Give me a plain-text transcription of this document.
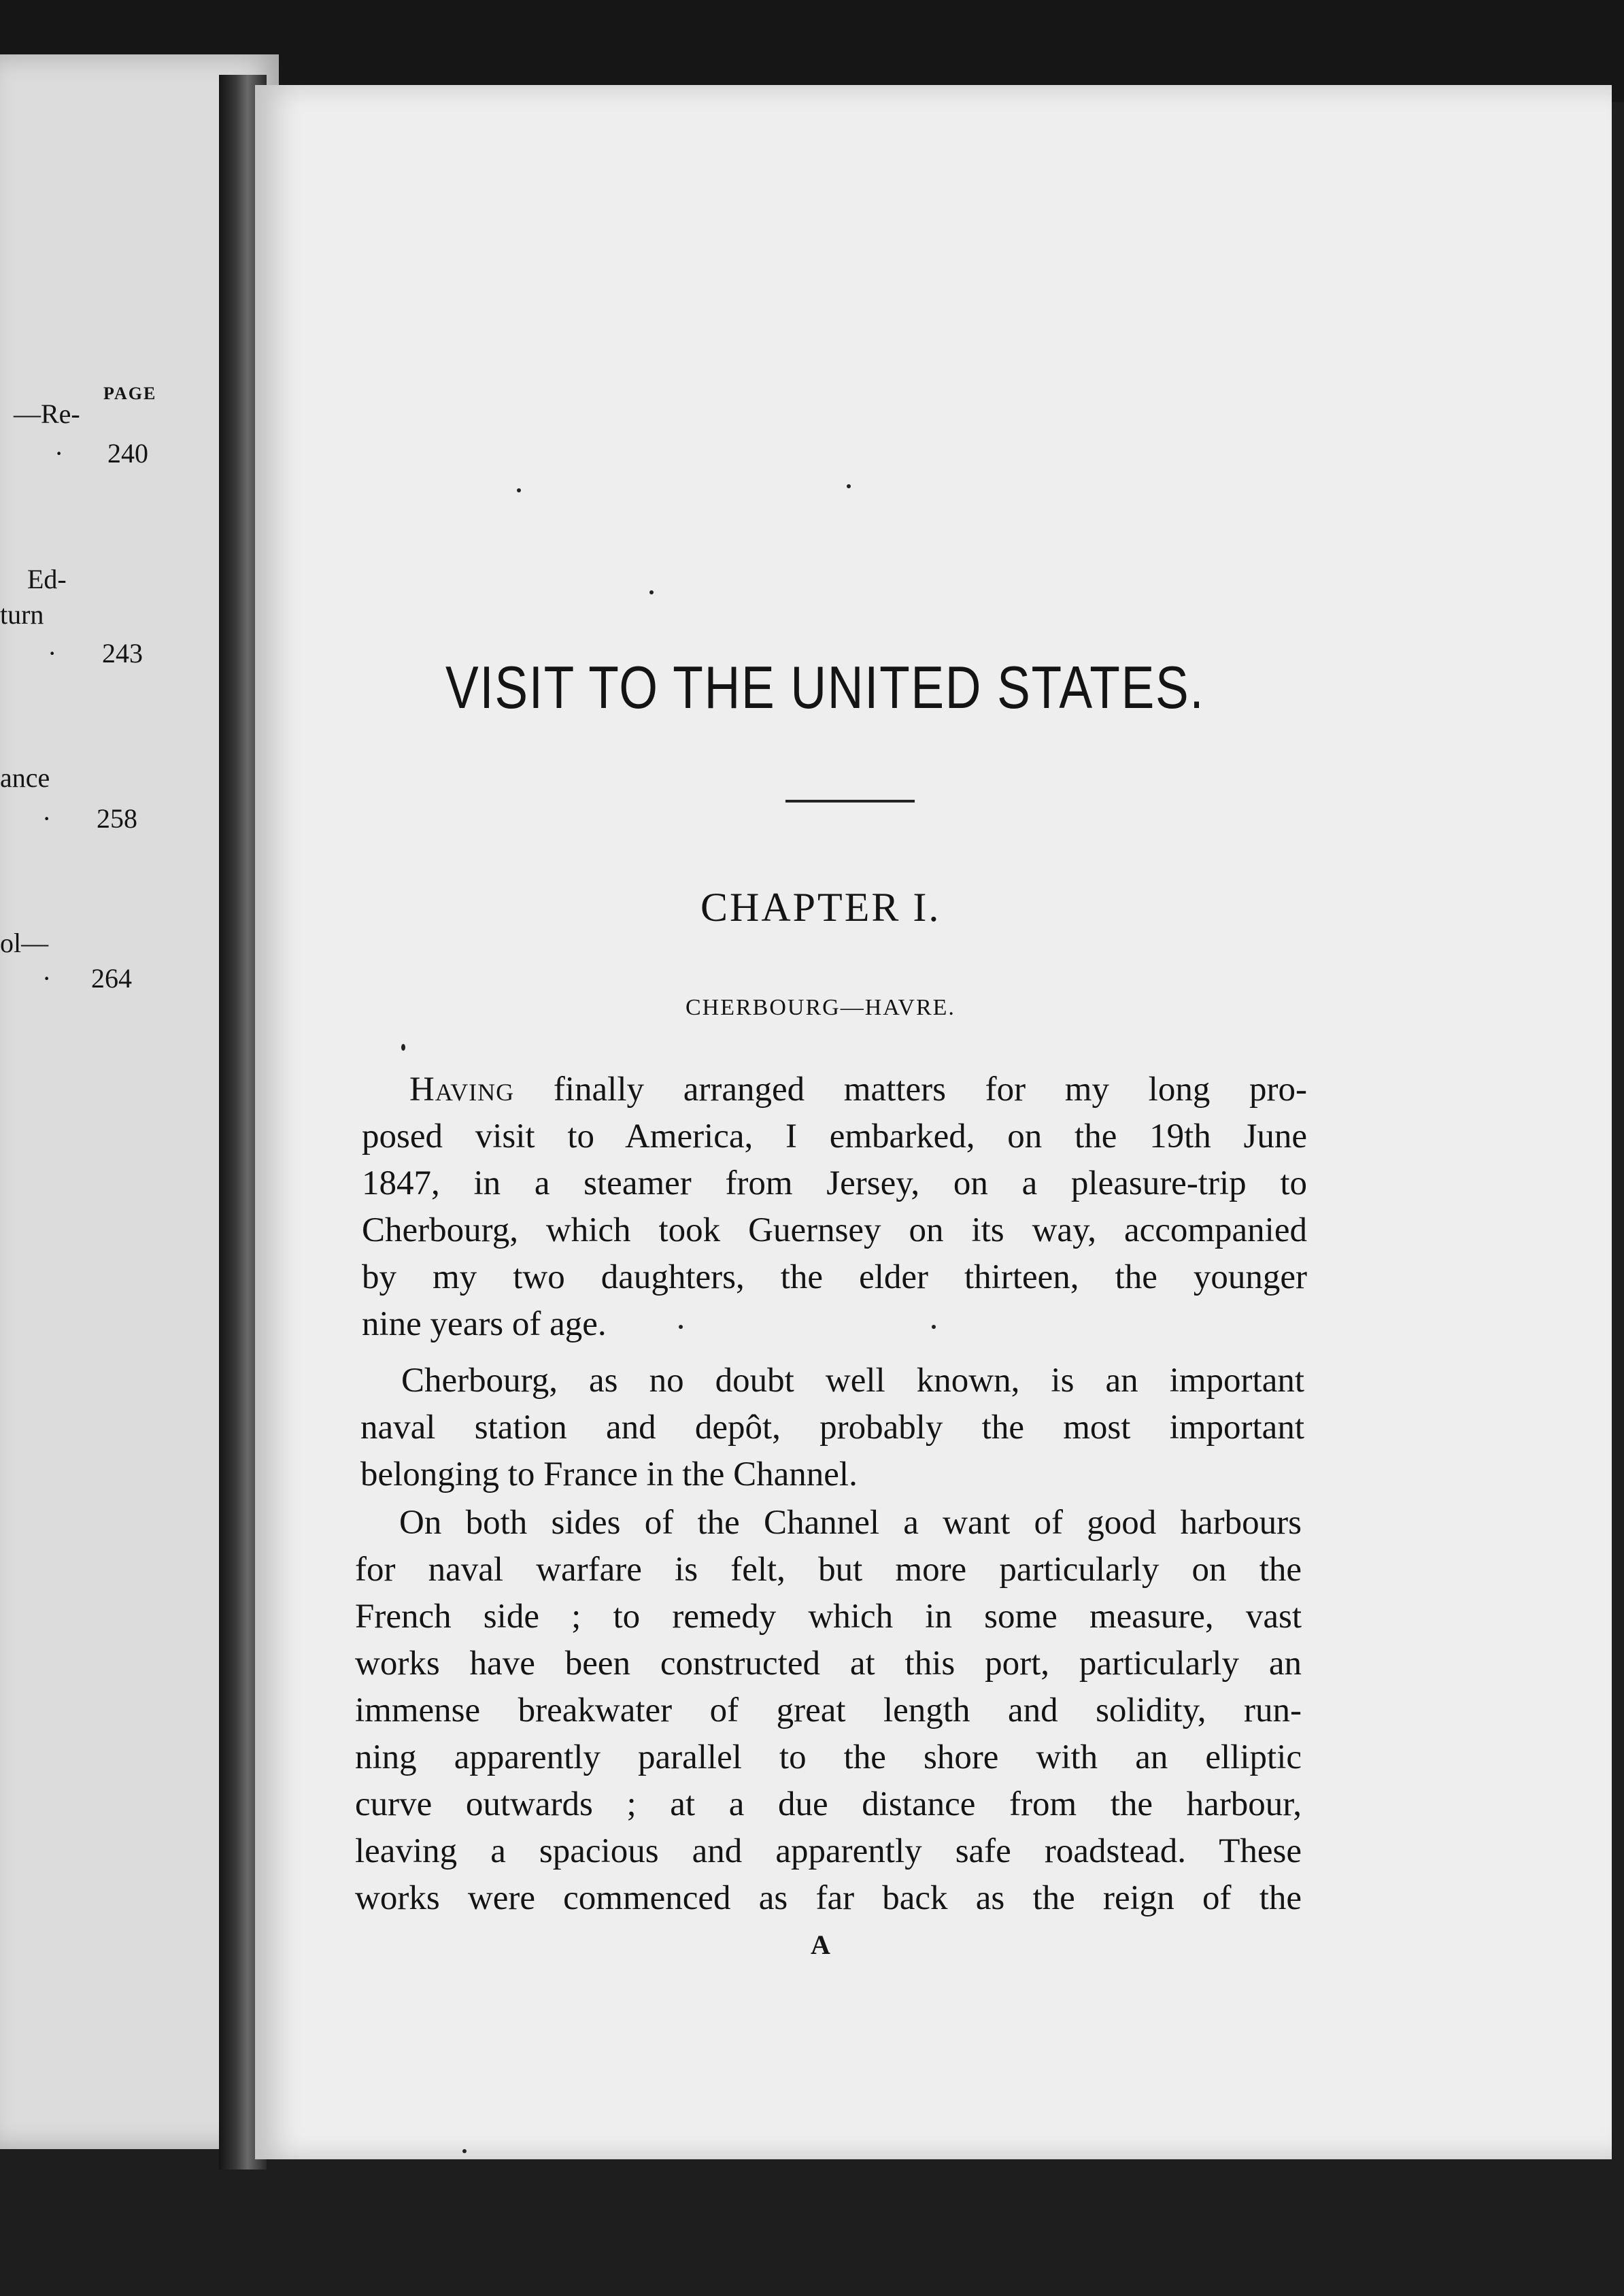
PAGE
—Re-
· 240
Ed-
turn
· 243
ance
· 258
ol—
· 264
VISIT TO THE UNITED STATES.
CHAPTER I.
CHERBOURG—HAVRE.
Having finally arranged matters for my long pro-
posed visit to America, I embarked, on the 19th June
1847, in a steamer from Jersey, on a pleasure-trip to
Cherbourg, which took Guernsey on its way, accompanied
by my two daughters, the elder thirteen, the younger
nine years of age.
Cherbourg, as no doubt well known, is an important
naval station and depôt, probably the most important
belonging to France in the Channel.
On both sides of the Channel a want of good harbours
for naval warfare is felt, but more particularly on the
French side ; to remedy which in some measure, vast
works have been constructed at this port, particularly an
immense breakwater of great length and solidity, run-
ning apparently parallel to the shore with an elliptic
curve outwards ; at a due distance from the harbour,
leaving a spacious and apparently safe roadstead. These
works were commenced as far back as the reign of the
A
